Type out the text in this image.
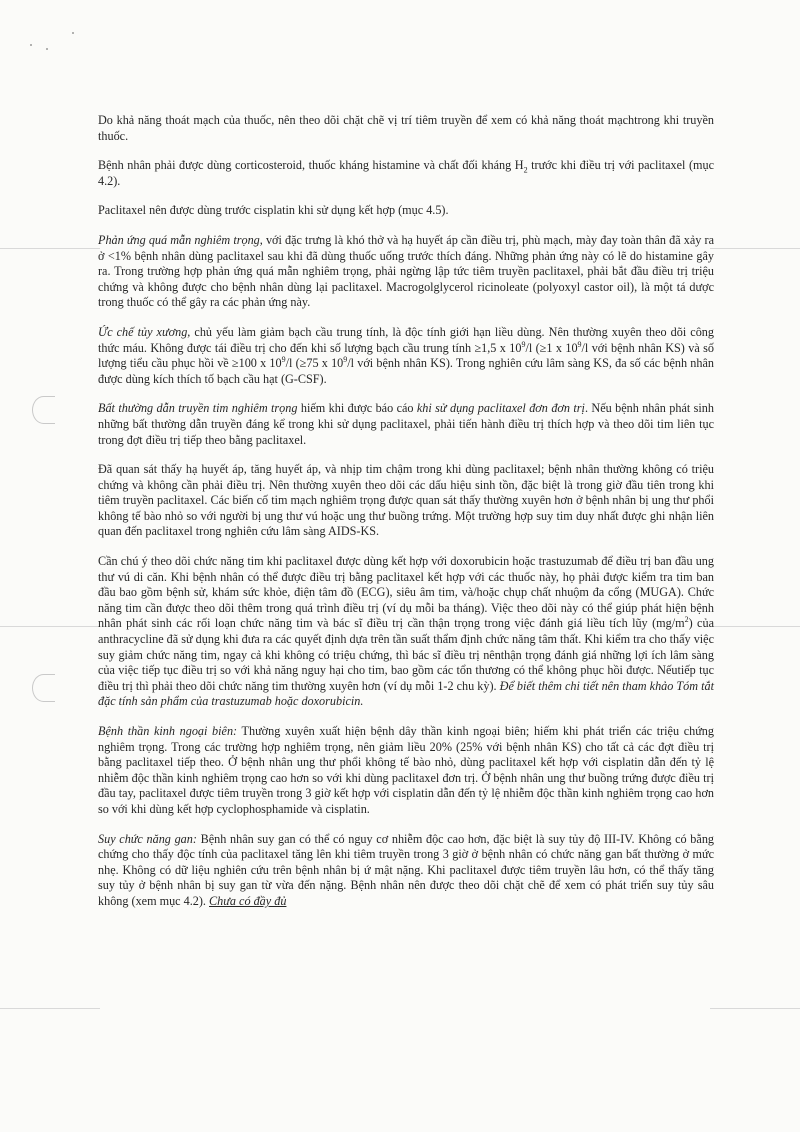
Do khả năng thoát mạch của thuốc, nên theo dõi chặt chẽ vị trí tiêm truyền để xem có khả năng thoát mạchtrong khi truyền thuốc.

Bệnh nhân phải được dùng corticosteroid, thuốc kháng histamine và chất đối kháng $H_2$ trước khi điều trị với paclitaxel (mục 4.2).

Paclitaxel nên được dùng trước cisplatin khi sử dụng kết hợp (mục 4.5).

Phản ứng quá mẫn nghiêm trọng, với đặc trưng là khó thở và hạ huyết áp cần điều trị, phù mạch, mày đay toàn thân đã xảy ra ở <1% bệnh nhân dùng paclitaxel sau khi đã dùng thuốc uống trước thích đáng. Những phản ứng này có lẽ do histamine gây ra. Trong trường hợp phản ứng quá mẫn nghiêm trọng, phải ngừng lập tức tiêm truyền paclitaxel, phải bắt đầu điều trị triệu chứng và không được cho bệnh nhân dùng lại paclitaxel. Macrogolglycerol ricinoleate (polyoxyl castor oil), là một tá dược trong thuốc có thể gây ra các phản ứng này.

Ức chế tủy xương, chủ yếu làm giảm bạch cầu trung tính, là độc tính giới hạn liều dùng. Nên thường xuyên theo dõi công thức máu. Không được tái điều trị cho đến khi số lượng bạch cầu trung tính ≥1,5 x $10^9/l$ (≥1 x $10^9/l$ với bệnh nhân KS) và số lượng tiểu cầu phục hồi về ≥100 x $10^9/l$ (≥75 x $10^9/l$ với bệnh nhân KS). Trong nghiên cứu lâm sàng KS, đa số các bệnh nhân được dùng kích thích tố bạch cầu hạt (G-CSF).

Bất thường dẫn truyền tim nghiêm trọng hiếm khi được báo cáo khi sử dụng paclitaxel đơn đơn trị. Nếu bệnh nhân phát sinh những bất thường dẫn truyền đáng kể trong khi sử dụng paclitaxel, phải tiến hành điều trị thích hợp và theo dõi tim liên tục trong đợt điều trị tiếp theo bằng paclitaxel.

Đã quan sát thấy hạ huyết áp, tăng huyết áp, và nhịp tim chậm trong khi dùng paclitaxel; bệnh nhân thường không có triệu chứng và không cần phải điều trị. Nên thường xuyên theo dõi các dấu hiệu sinh tồn, đặc biệt là trong giờ đầu tiên trong khi tiêm truyền paclitaxel. Các biến cố tim mạch nghiêm trọng được quan sát thấy thường xuyên hơn ở bệnh nhân bị ung thư phổi không tế bào nhỏ so với người bị ung thư vú hoặc ung thư buồng trứng. Một trường hợp suy tim duy nhất được ghi nhận liên quan đến paclitaxel trong nghiên cứu lâm sàng AIDS-KS.

Cần chú ý theo dõi chức năng tim khi paclitaxel được dùng kết hợp với doxorubicin hoặc trastuzumab để điều trị ban đầu ung thư vú di căn. Khi bệnh nhân có thể được điều trị bằng paclitaxel kết hợp với các thuốc này, họ phải được kiểm tra tim ban đầu bao gồm bệnh sử, khám sức khỏe, điện tâm đồ (ECG), siêu âm tim, và/hoặc chụp chất nhuộm đa cổng (MUGA). Chức năng tim cần được theo dõi thêm trong quá trình điều trị (ví dụ mỗi ba tháng). Việc theo dõi này có thể giúp phát hiện bệnh nhân phát sinh các rối loạn chức năng tim và bác sĩ điều trị cần thận trọng trong việc đánh giá liều tích lũy $(mg/m^2)$ của anthracycline đã sử dụng khi đưa ra các quyết định dựa trên tần suất thẩm định chức năng tâm thất. Khi kiểm tra cho thấy việc suy giảm chức năng tim, ngay cả khi không có triệu chứng, thì bác sĩ điều trị nênthận trọng đánh giá những lợi ích lâm sàng của việc tiếp tục điều trị so với khả năng nguy hại cho tim, bao gồm các tổn thương có thể không phục hồi được. Nếutiếp tục điều trị thì phải theo dõi chức năng tim thường xuyên hơn (ví dụ mỗi 1-2 chu kỳ). Để biết thêm chi tiết nên tham khảo Tóm tắt đặc tính sản phẩm của trastuzumab hoặc doxorubicin.

Bệnh thần kinh ngoại biên: Thường xuyên xuất hiện bệnh dây thần kinh ngoại biên; hiếm khi phát triển các triệu chứng nghiêm trọng. Trong các trường hợp nghiêm trọng, nên giảm liều 20% (25% với bệnh nhân KS) cho tất cả các đợt điều trị bằng paclitaxel tiếp theo. Ở bệnh nhân ung thư phổi không tế bào nhỏ, dùng paclitaxel kết hợp với cisplatin dẫn đến tỷ lệ nhiễm độc thần kinh nghiêm trọng cao hơn so với khi dùng paclitaxel đơn trị. Ở bệnh nhân ung thư buồng trứng được điều trị đầu tay, paclitaxel được tiêm truyền trong 3 giờ kết hợp với cisplatin dẫn đến tỷ lệ nhiễm độc thần kinh nghiêm trọng cao hơn so với khi dùng kết hợp cyclophosphamide và cisplatin.

Suy chức năng gan: Bệnh nhân suy gan có thể có nguy cơ nhiễm độc cao hơn, đặc biệt là suy tủy độ III-IV. Không có bằng chứng cho thấy độc tính của paclitaxel tăng lên khi tiêm truyền trong 3 giờ ở bệnh nhân có chức năng gan bất thường ở mức nhẹ. Không có dữ liệu nghiên cứu trên bệnh nhân bị ứ mật nặng. Khi paclitaxel được tiêm truyền lâu hơn, có thể thấy tăng suy tủy ở bệnh nhân bị suy gan từ vừa đến nặng. Bệnh nhân nên được theo dõi chặt chẽ để xem có phát triển suy tủy sâu không (xem mục 4.2). Chưa có đầy đủ
